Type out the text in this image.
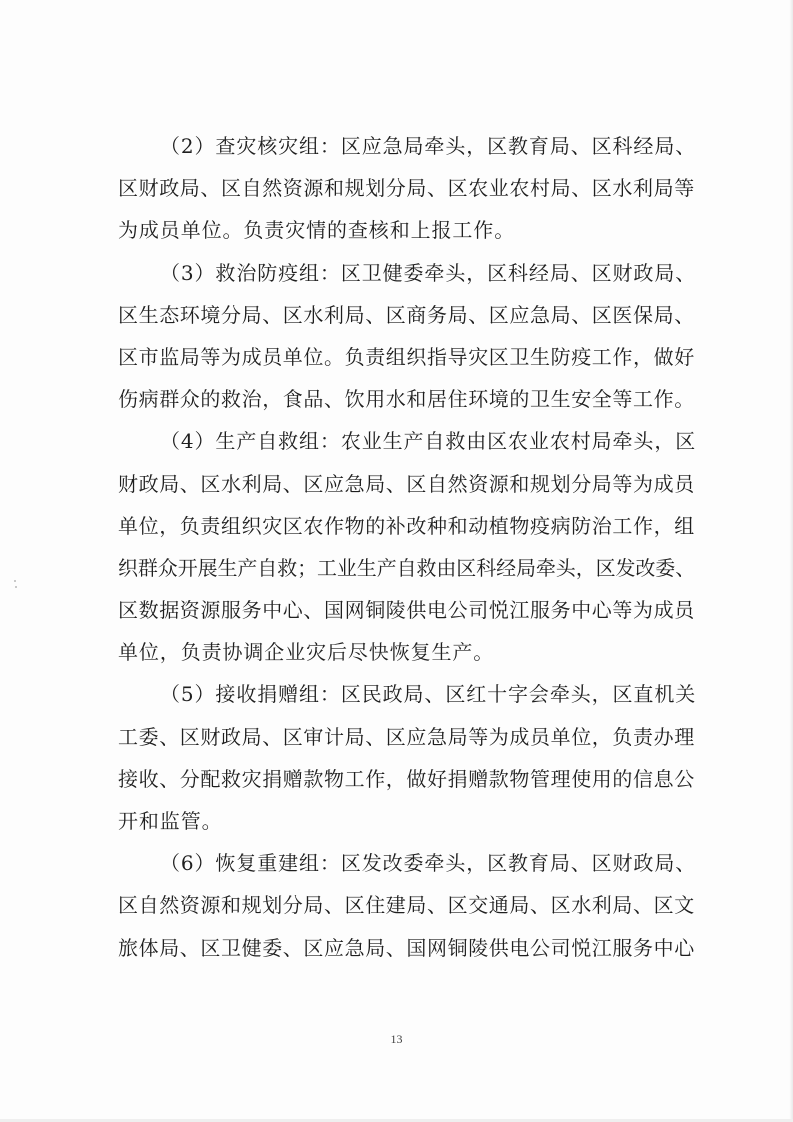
（2）查灾核灾组：区应急局牵头，区教育局、区科经局、
区财政局、区自然资源和规划分局、区农业农村局、区水利局等
为成员单位。负责灾情的查核和上报工作。
（3）救治防疫组：区卫健委牵头，区科经局、区财政局、
区生态环境分局、区水利局、区商务局、区应急局、区医保局、
区市监局等为成员单位。负责组织指导灾区卫生防疫工作，做好
伤病群众的救治，食品、饮用水和居住环境的卫生安全等工作。
（4）生产自救组：农业生产自救由区农业农村局牵头，区
财政局、区水利局、区应急局、区自然资源和规划分局等为成员
单位，负责组织灾区农作物的补改种和动植物疫病防治工作，组
织群众开展生产自救；工业生产自救由区科经局牵头，区发改委、
区数据资源服务中心、国网铜陵供电公司悦江服务中心等为成员
单位，负责协调企业灾后尽快恢复生产。
（5）接收捐赠组：区民政局、区红十字会牵头，区直机关
工委、区财政局、区审计局、区应急局等为成员单位，负责办理
接收、分配救灾捐赠款物工作，做好捐赠款物管理使用的信息公
开和监管。
（6）恢复重建组：区发改委牵头，区教育局、区财政局、
区自然资源和规划分局、区住建局、区交通局、区水利局、区文
旅体局、区卫健委、区应急局、国网铜陵供电公司悦江服务中心
13
